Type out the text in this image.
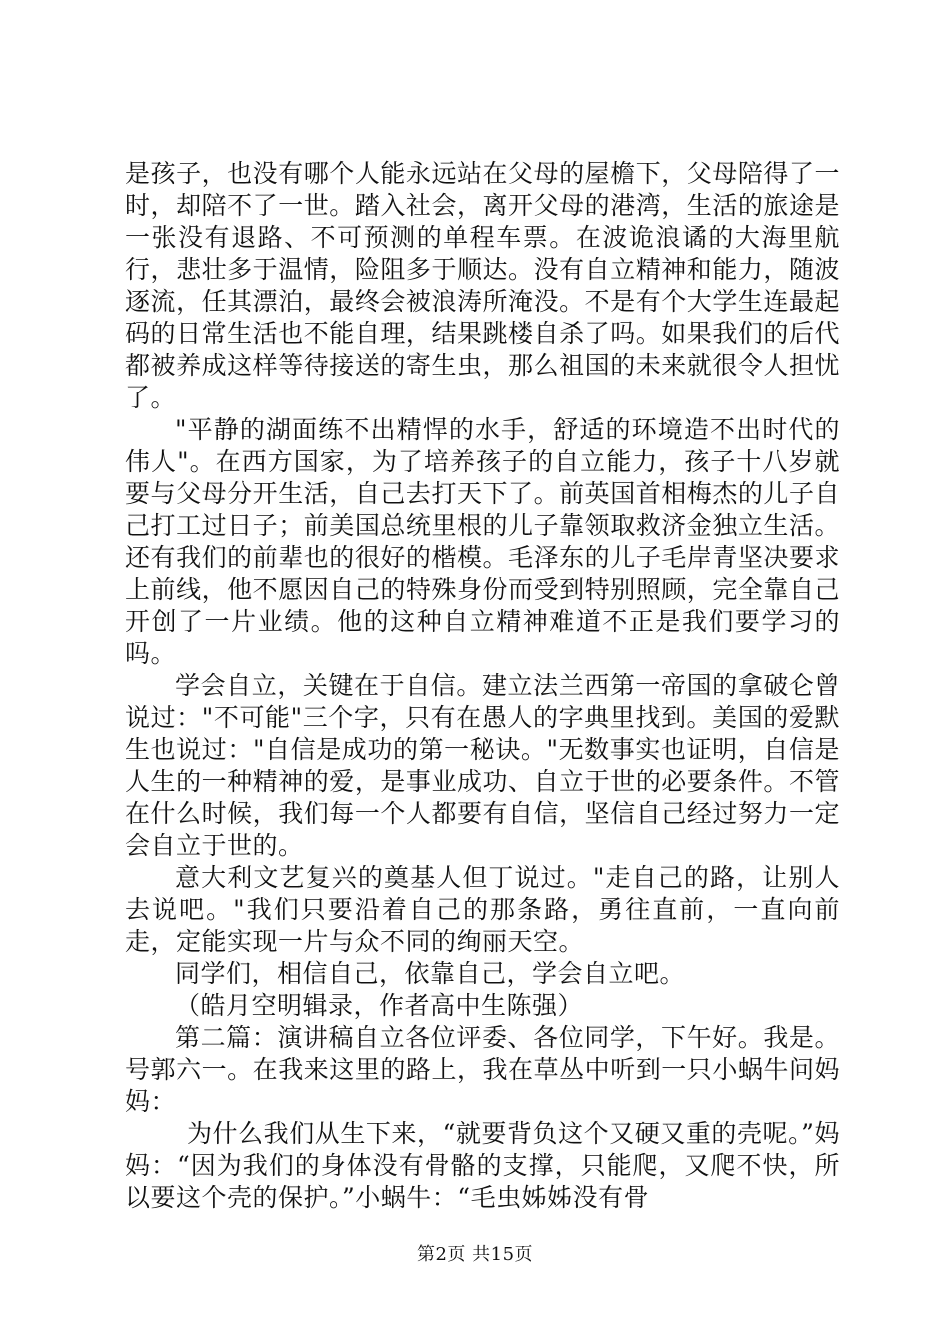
是孩子，也没有哪个人能永远站在父母的屋檐下，父母陪得了一时，却陪不了一世。踏入社会，离开父母的港湾，生活的旅途是一张没有退路、不可预测的单程车票。在波诡浪谲的大海里航行，悲壮多于温情，险阻多于顺达。没有自立精神和能力，随波逐流，任其漂泊，最终会被浪涛所淹没。不是有个大学生连最起码的日常生活也不能自理，结果跳楼自杀了吗。如果我们的后代都被养成这样等待接送的寄生虫，那么祖国的未来就很令人担忧了。

"平静的湖面练不出精悍的水手，舒适的环境造不出时代的伟人"。在西方国家，为了培养孩子的自立能力，孩子十八岁就要与父母分开生活，自己去打天下了。前英国首相梅杰的儿子自己打工过日子；前美国总统里根的儿子靠领取救济金独立生活。还有我们的前辈也的很好的楷模。毛泽东的儿子毛岸青坚决要求上前线，他不愿因自己的特殊身份而受到特别照顾，完全靠自己开创了一片业绩。他的这种自立精神难道不正是我们要学习的吗。

学会自立，关键在于自信。建立法兰西第一帝国的拿破仑曾说过："不可能"三个字，只有在愚人的字典里找到。美国的爱默生也说过："自信是成功的第一秘诀。"无数事实也证明，自信是人生的一种精神的爱，是事业成功、自立于世的必要条件。不管在什么时候，我们每一个人都要有自信，坚信自己经过努力一定会自立于世的。

意大利文艺复兴的奠基人但丁说过。"走自己的路，让别人去说吧。"我们只要沿着自己的那条路，勇往直前，一直向前走，定能实现一片与众不同的绚丽天空。

同学们，相信自己，依靠自己，学会自立吧。

（皓月空明辑录，作者高中生陈强）

第二篇：演讲稿自立各位评委、各位同学，下午好。我是。号郭六一。在我来这里的路上，我在草丛中听到一只小蜗牛问妈妈：

为什么我们从生下来，“就要背负这个又硬又重的壳呢。”妈妈：“因为我们的身体没有骨骼的支撑，只能爬，又爬不快，所以要这个壳的保护。”小蜗牛：“毛虫姊姊没有骨

第2页 共15页
